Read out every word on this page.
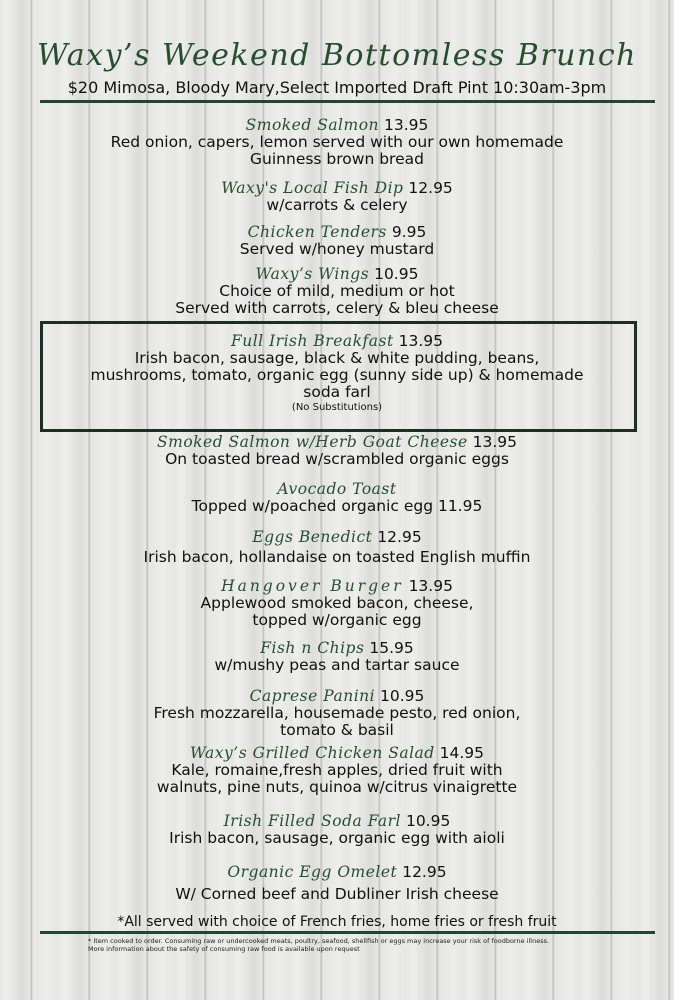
Waxy’s Weekend Bottomless Brunch
$20 Mimosa, Bloody Mary,Select Imported Draft Pint 10:30am-3pm
Smoked Salmon 13.95
Red onion, capers, lemon served with our own homemade
Guinness brown bread
Waxy's Local Fish Dip 12.95
w/carrots & celery
Chicken Tenders 9.95
Served w/honey mustard
Waxy’s Wings 10.95
Choice of mild, medium or hot
Served with carrots, celery & bleu cheese
Full Irish Breakfast 13.95
Irish bacon, sausage, black & white pudding, beans,
mushrooms, tomato, organic egg (sunny side up) & homemade
soda farl
(No Substitutions)
Smoked Salmon w/Herb Goat Cheese 13.95
On toasted bread w/scrambled organic eggs
Avocado Toast
Topped w/poached organic egg 11.95
Eggs Benedict 12.95
Irish bacon, hollandaise on toasted English muffin
Hangover Burger 13.95
Applewood smoked bacon, cheese,
topped w/organic egg
Fish n Chips 15.95
w/mushy peas and tartar sauce
Caprese Panini 10.95
Fresh mozzarella, housemade pesto, red onion,
tomato & basil
Waxy’s Grilled Chicken Salad 14.95
Kale, romaine,fresh apples, dried fruit with
walnuts, pine nuts, quinoa w/citrus vinaigrette
Irish Filled Soda Farl 10.95
Irish bacon, sausage, organic egg with aioli
Organic Egg Omelet 12.95
W/ Corned beef and Dubliner Irish cheese
*All served with choice of French fries, home fries or fresh fruit
* Item cooked to order. Consuming raw or undercooked meats, poultry, seafood, shellfish or eggs may increase your risk of foodborne illness.
More information about the safety of consuming raw food is available upon request
